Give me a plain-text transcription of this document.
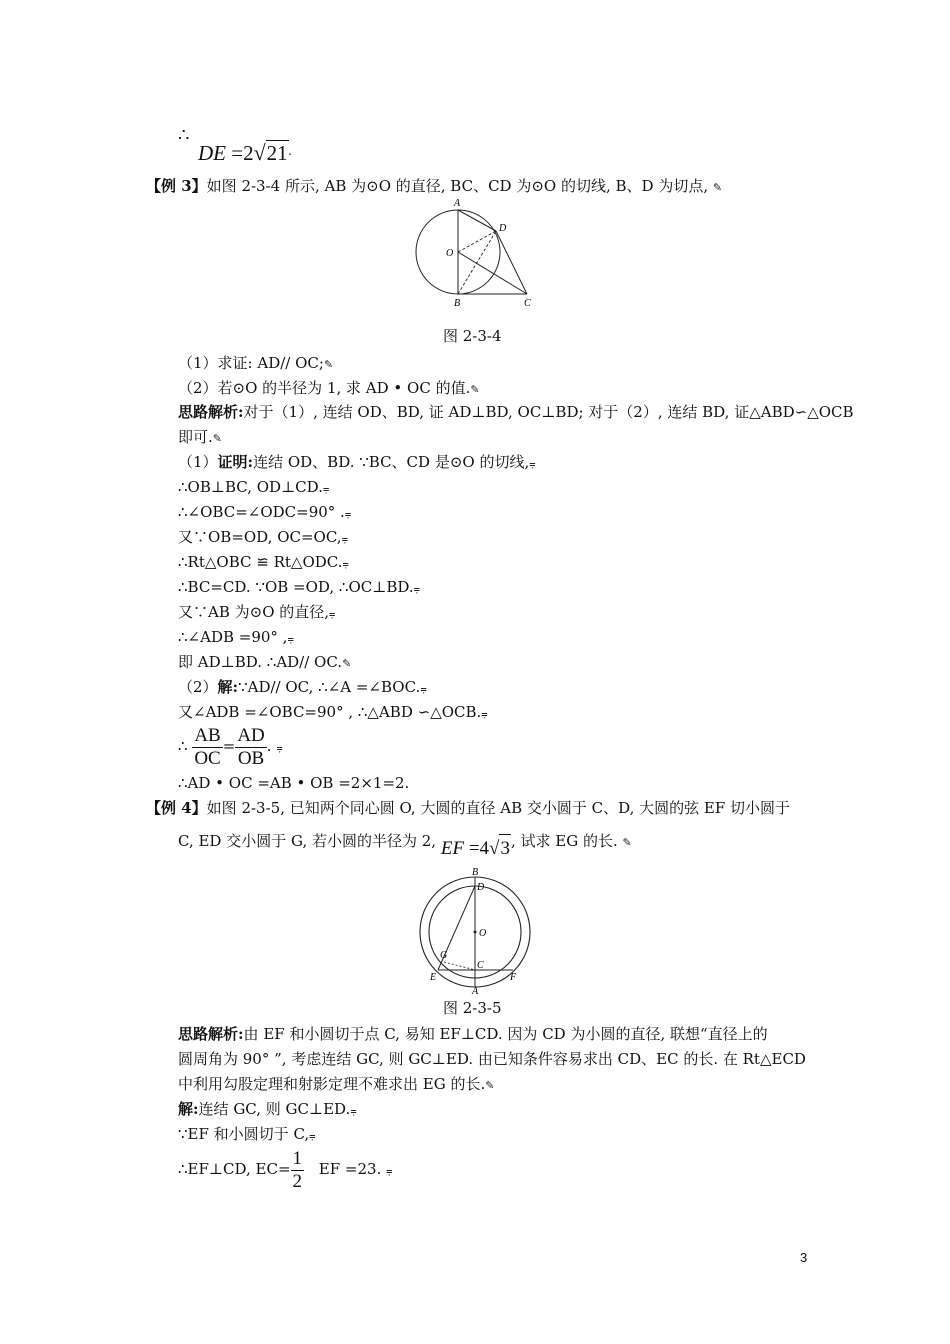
∴
DE =2√21.
【例 3】如图 2-3-4 所示, AB 为⊙O 的直径, BC、CD 为⊙O 的切线, B、D 为切点, ✎
A
D
O
B	C
图 2-3-4
（1）求证: AD// OC;✎
（2）若⊙O 的半径为 1, 求 AD • OC 的值.✎
思路解析:对于（1）, 连结 OD、BD, 证 AD⊥BD, OC⊥BD; 对于（2）, 连结 BD, 证△ABD∽△OCB
即可.✎
（1）证明:连结 OD、BD. ∵BC、CD 是⊙O 的切线,⩦
∴OB⊥BC, OD⊥CD.⩦
∴∠OBC=∠ODC=90° .⩦
又∵OB=OD, OC=OC,⩦
∴Rt△OBC ≌ Rt△ODC.⩦
∴BC=CD. ∵OB =OD, ∴OC⊥BD.⩦
又∵AB 为⊙O 的直径,⩦
∴∠ADB =90° ,⩦
即 AD⊥BD. ∴AD// OC.✎
（2）解:∵AD// OC, ∴∠A =∠BOC.⩦
又∠ADB =∠OBC=90° , ∴△ABD ∽△OCB.⩦
∴ $\frac{AB}{OC} = \frac{AD}{OB}$ . ⩦
∴AD • OC =AB • OB =2×1=2.
【例 4】如图 2-3-5, 已知两个同心圆 O, 大圆的直径 AB 交小圆于 C、D, 大圆的弦 EF 切小圆于
C, ED 交小圆于 G, 若小圆的半径为 2, EF =4√3, 试求 EG 的长. ✎
B
D
O
G
C
E	F
A
图 2-3-5
思路解析:由 EF 和小圆切于点 C, 易知 EF⊥CD. 因为 CD 为小圆的直径, 联想“直径上的
圆周角为 90° ”, 考虑连结 GC, 则 GC⊥ED. 由已知条件容易求出 CD、EC 的长. 在 Rt△ECD
中利用勾股定理和射影定理不难求出 EG 的长.✎
解:连结 GC, 则 GC⊥ED.⩦
∵EF 和小圆切于 C,⩦
∴EF⊥CD, $EC= \frac{1}{2}$ EF =23. ⩦
3
